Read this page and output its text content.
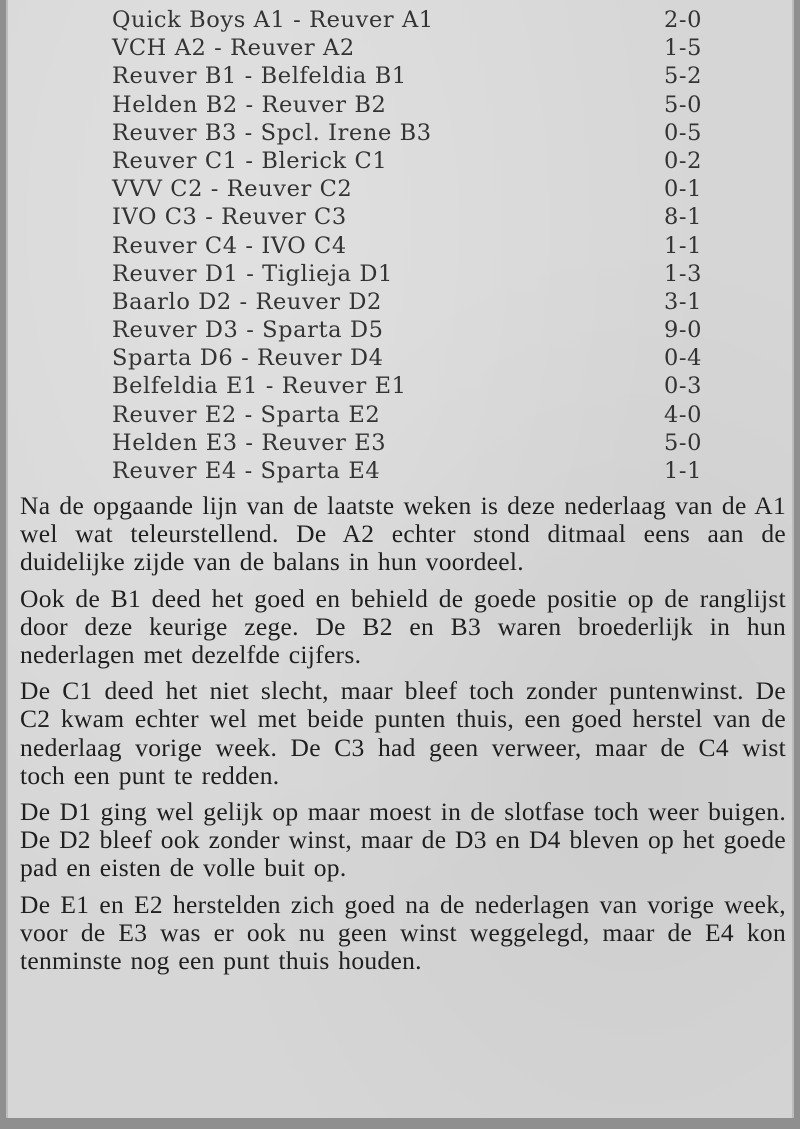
Quick Boys A1 - Reuver A1	2-0
VCH A2 - Reuver A2	1-5
Reuver B1 - Belfeldia B1	5-2
Helden B2 - Reuver B2	5-0
Reuver B3 - Spcl. Irene B3	0-5
Reuver C1 - Blerick C1	0-2
VVV C2 - Reuver C2	0-1
IVO C3 - Reuver C3	8-1
Reuver C4 - IVO C4	1-1
Reuver D1 - Tiglieja D1	1-3
Baarlo D2 - Reuver D2	3-1
Reuver D3 - Sparta D5	9-0
Sparta D6 - Reuver D4	0-4
Belfeldia E1 - Reuver E1	0-3
Reuver E2 - Sparta E2	4-0
Helden E3 - Reuver E3	5-0
Reuver E4 - Sparta E4	1-1

Na de opgaande lijn van de laatste weken is deze nederlaag van de A1 wel wat teleurstellend. De A2 echter stond ditmaal eens aan de duidelijke zijde van de balans in hun voordeel.

Ook de B1 deed het goed en behield de goede positie op de ranglijst door deze keurige zege. De B2 en B3 waren broederlijk in hun nederlagen met dezelfde cijfers.

De C1 deed het niet slecht, maar bleef toch zonder puntenwinst. De C2 kwam echter wel met beide punten thuis, een goed herstel van de nederlaag vorige week. De C3 had geen verweer, maar de C4 wist toch een punt te redden.

De D1 ging wel gelijk op maar moest in de slotfase toch weer buigen. De D2 bleef ook zonder winst, maar de D3 en D4 bleven op het goede pad en eisten de volle buit op.

De E1 en E2 herstelden zich goed na de nederlagen van vorige week, voor de E3 was er ook nu geen winst weggelegd, maar de E4 kon tenminste nog een punt thuis houden.
